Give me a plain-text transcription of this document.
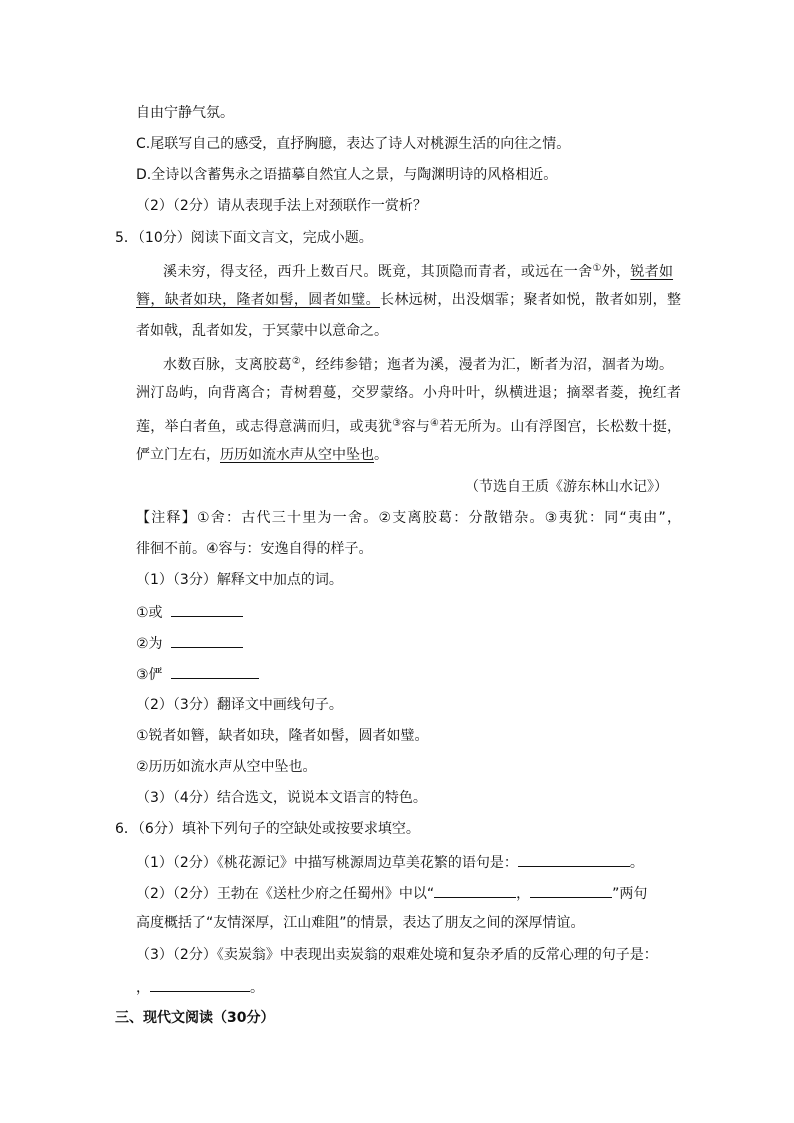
自由宁静气氛。
C.尾联写自己的感受，直抒胸臆，表达了诗人对桃源生活的向往之情。
D.全诗以含蓄隽永之语描摹自然宜人之景，与陶渊明诗的风格相近。
（2）（2分）请从表现手法上对颈联作一赏析？
5．（10分）阅读下面文言文，完成小题。
溪未穷，得支径，西升上数百尺。既竟，其顶隐而青者，或远在一舍①外，锐者如
簪，缺者如玦，隆者如髻，圆者如璧。长林远树，出没烟霏；聚者如悦，散者如别，整
者如戟，乱者如发，于冥蒙中以意命之。
水数百脉，支离胶葛②，经纬参错；迤者为溪，漫者为汇，断者为沼，涸者为坳。
洲汀岛屿，向背离合；青树碧蔓，交罗蒙络。小舟叶叶，纵横进退；摘翠者菱，挽红者
莲，举白者鱼，或志得意满而归，或夷犹③容与④若无所为。山有浮图宫，长松数十挺，
俨立门左右，历历如流水声从空中坠也。
（节选自王质《游东林山水记》）
【注释】①舍：古代三十里为一舍。②支离胶葛：分散错杂。③夷犹：同“夷由”，
徘徊不前。④容与：安逸自得的样子。
（1）（3分）解释文中加点的词。
①或
②为
③俨
（2）（3分）翻译文中画线句子。
①锐者如簪，缺者如玦，隆者如髻，圆者如璧。
②历历如流水声从空中坠也。
（3）（4分）结合选文，说说本文语言的特色。
6．（6分）填补下列句子的空缺处或按要求填空。
（1）（2分）《桃花源记》中描写桃源周边草美花繁的语句是：	。
（2）（2分）王勃在《送杜少府之任蜀州》中以“	，	”两句
高度概括了“友情深厚，江山难阻”的情景，表达了朋友之间的深厚情谊。
（3）（2分）《卖炭翁》中表现出卖炭翁的艰难处境和复杂矛盾的反常心理的句子是：
，	。
三、现代文阅读（30分）
